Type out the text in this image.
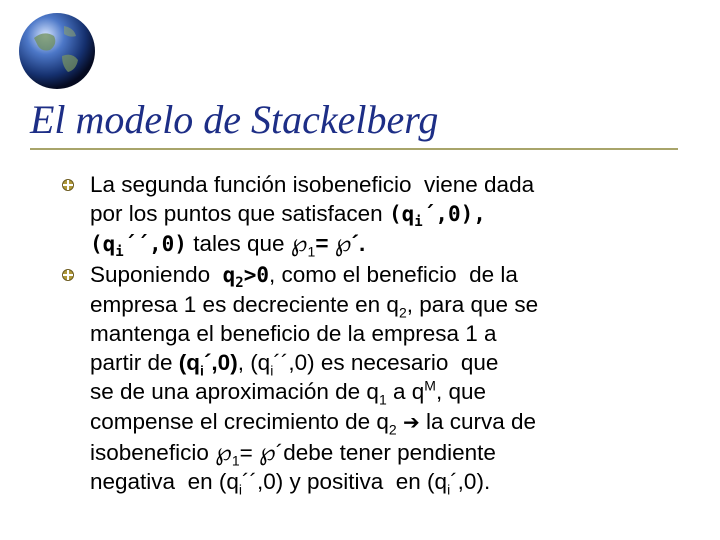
El modelo de Stackelberg
La segunda función isobeneficio  viene dada
por los puntos que satisfacen $(q_i´,0)$,
$(q_i´´,0)$ tales que $℘_1=$ ℘´.
Suponiendo  $q_2>0$, como el beneficio  de la
empresa 1 es decreciente en $q_2$, para que se
mantenga el beneficio de la empresa 1 a
partir de $(q_i´,0)$, $(q_i´´,0)$ es necesario  que
se de una aproximación de $q_1$ a $q^M$, que
compense el crecimiento de $q_2$ ➔ la curva de
isobeneficio $℘_1=$ ℘´debe tener pendiente
negativa  en $(q_i´´,0)$ y positiva  en $(q_i´,0)$.
